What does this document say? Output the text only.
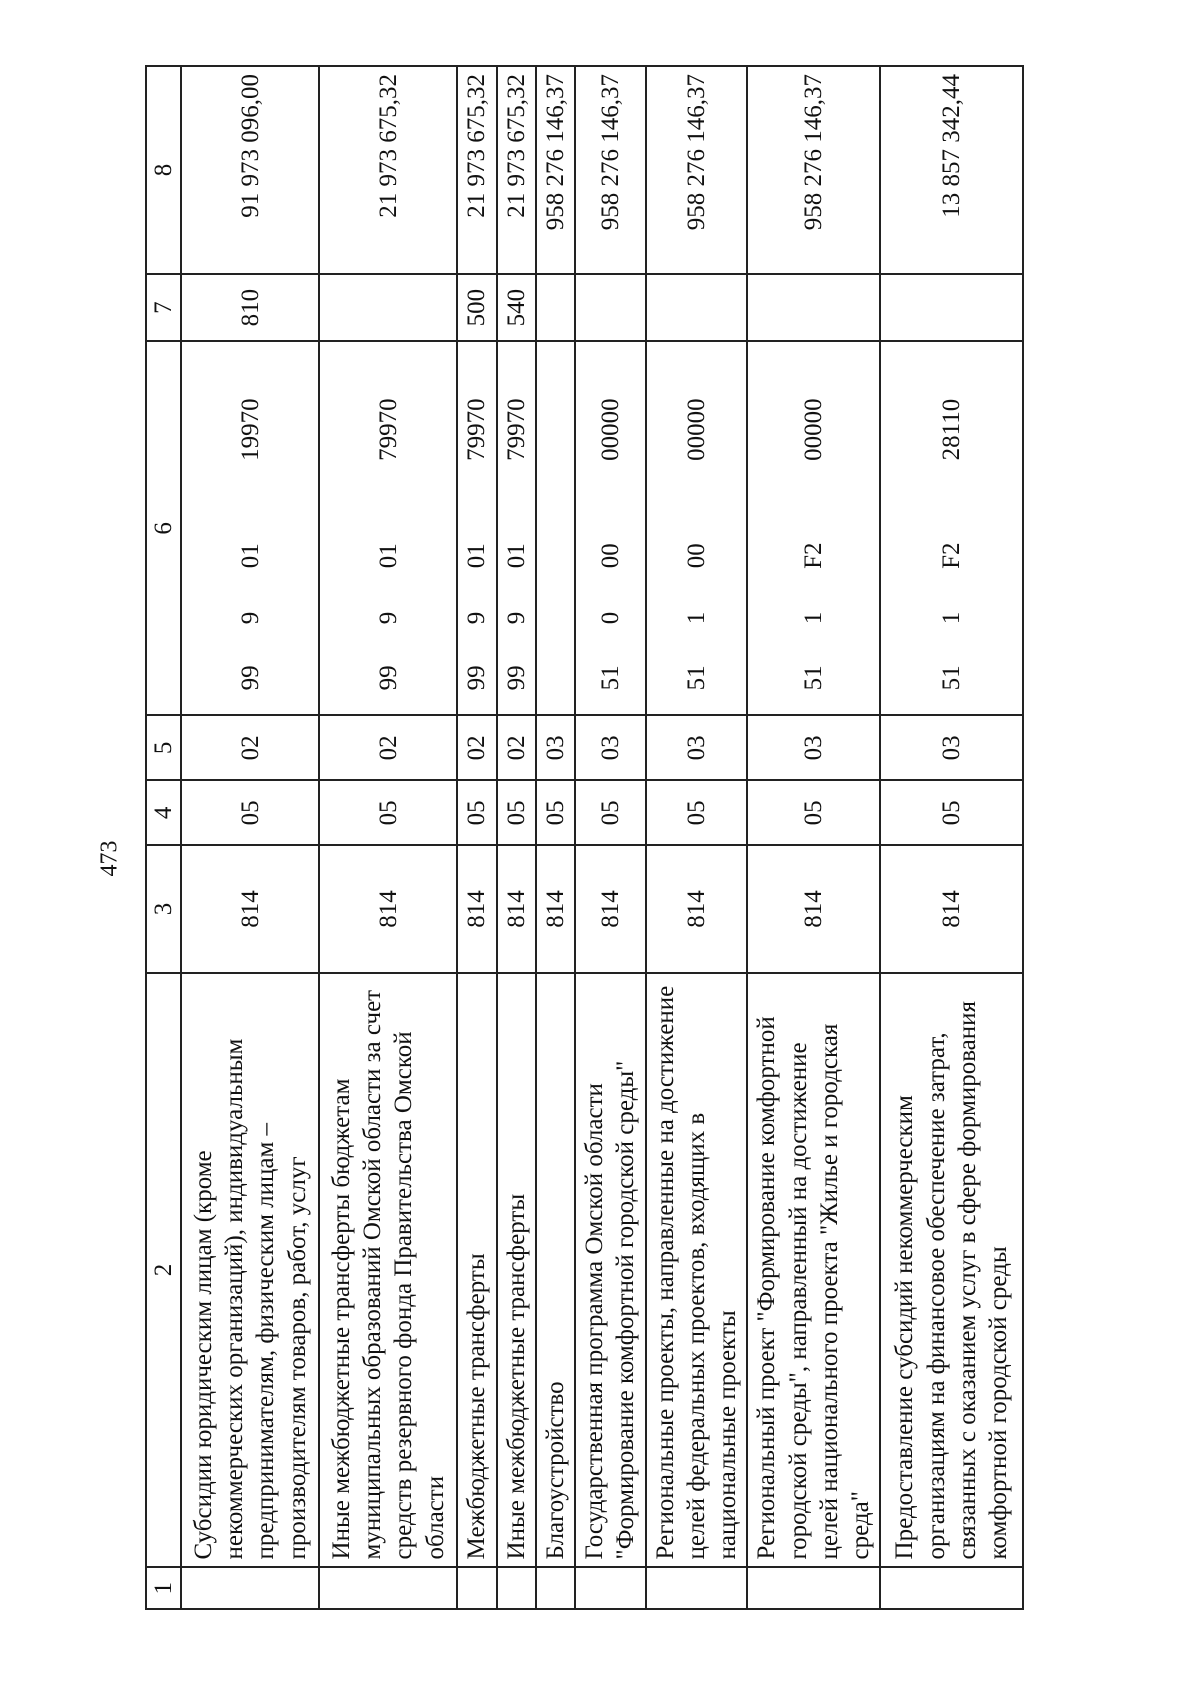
473
1	2	3	4	5	6				7	8
	Субсидии юридическим лицам (кроме некоммерческих организаций), индивидуальным предпринимателям, физическим лицам – производителям товаров, работ, услуг	814	05	02	99	9	01	19970	810	91 973 096,00
	Иные межбюджетные трансферты бюджетам муниципальных образований Омской области за счет средств резервного фонда Правительства Омской области	814	05	02	99	9	01	79970		21 973 675,32
	Межбюджетные трансферты	814	05	02	99	9	01	79970	500	21 973 675,32
	Иные межбюджетные трансферты	814	05	02	99	9	01	79970	540	21 973 675,32
	Благоустройство	814	05	03						958 276 146,37
	Государственная программа Омской области "Формирование комфортной городской среды"	814	05	03	51	0	00	00000		958 276 146,37
	Региональные проекты, направленные на достижение целей федеральных проектов, входящих в национальные проекты	814	05	03	51	1	00	00000		958 276 146,37
	Региональный проект "Формирование комфортной городской среды", направленный на достижение целей национального проекта "Жилье и городская среда"	814	05	03	51	1	F2	00000		958 276 146,37
	Предоставление субсидий некоммерческим организациям на финансовое обеспечение затрат, связанных с оказанием услуг в сфере формирования комфортной городской среды	814	05	03	51	1	F2	28110		13 857 342,44
